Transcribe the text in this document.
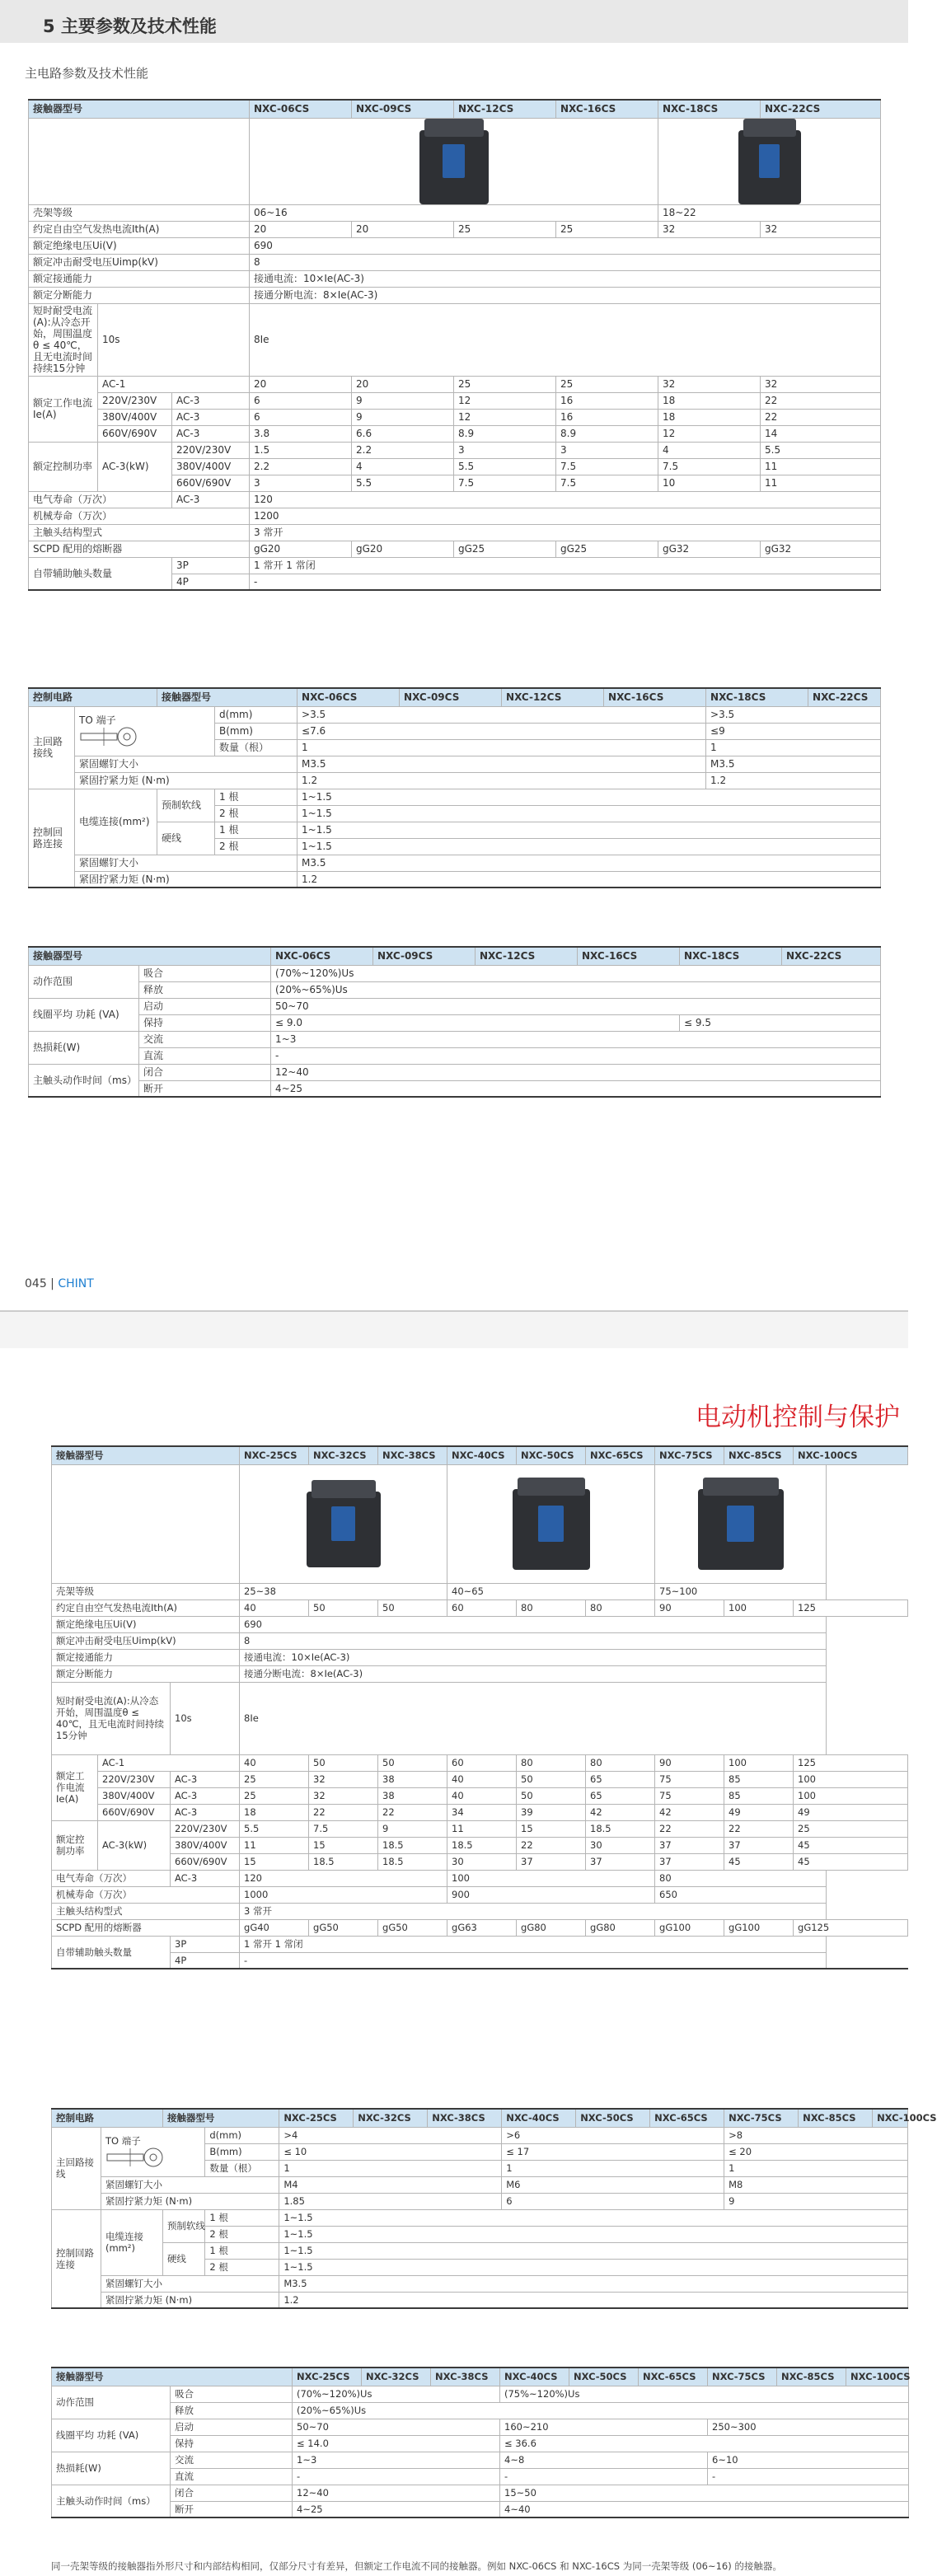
5 主要参数及技术性能
主电路参数及技术性能
接触器型号			NXC-06CS	NXC-09CS	NXC-12CS	NXC-16CS	NXC-18CS	NXC-22CS

壳架等级			06~16				18~22	
约定自由空气发热电流Ith(A)			20	20	25	25	32	32
额定绝缘电压Ui(V)			690					
额定冲击耐受电压Uimp(kV)			8					
额定接通能力			接通电流：10×Ie(AC-3)					
额定分断能力			接通分断电流：8×Ie(AC-3)					
短时耐受电流(A):从冷态开始，周围温度θ ≤ 40℃，且无电流时间持续15分钟	10s		8Ie					
额定工作电流Ie(A)	AC-1		20	20	25	25	32	32
	220V/230V	AC-3	6	9	12	16	18	22
	380V/400V	AC-3	6	9	12	16	18	22
	660V/690V	AC-3	3.8	6.6	8.9	8.9	12	14
额定控制功率	AC-3(kW)	220V/230V	1.5	2.2	3	3	4	5.5
		380V/400V	2.2	4	5.5	7.5	7.5	11
		660V/690V	3	5.5	7.5	7.5	10	11
电气寿命（万次）		AC-3	120					
机械寿命（万次）			1200					
主触头结构型式			3 常开					
SCPD 配用的熔断器			gG20	gG20	gG25	gG25	gG32	gG32
自带辅助触头数量		3P	1 常开 1 常闭					
		4P	-					
控制电路		接触器型号		NXC-06CS	NXC-09CS	NXC-12CS	NXC-16CS	NXC-18CS	NXC-22CS
主回路接线	TO 端子		d(mm)	>3.5				>3.5	
			B(mm)	≤7.6				≤9	
			数量（根）	1				1	
	紧固螺钉大小			M3.5				M3.5	
	紧固拧紧力矩 (N·m)			1.2				1.2	
控制回路连接	电缆连接(mm²)	预制软线	1 根	1~1.5					
			2 根	1~1.5					
		硬线	1 根	1~1.5					
			2 根	1~1.5					
	紧固螺钉大小			M3.5					
	紧固拧紧力矩 (N·m)			1.2					
接触器型号		NXC-06CS	NXC-09CS	NXC-12CS	NXC-16CS	NXC-18CS	NXC-22CS
动作范围	吸合	(70%~120%)Us					
	释放	(20%~65%)Us					
线圈平均 功耗 (VA)	启动	50~70					
	保持	≤ 9.0				≤ 9.5	
热损耗(W)	交流	1~3					
	直流	-					
主触头动作时间（ms）	闭合	12~40					
	断开	4~25					
045 | CHINT
电动机控制与保护
接触器型号			NXC-25CS	NXC-32CS	NXC-38CS	NXC-40CS	NXC-50CS	NXC-65CS	NXC-75CS	NXC-85CS	NXC-100CS

壳架等级			25~38			40~65			75~100		
约定自由空气发热电流Ith(A)			40	50	50	60	80	80	90	100	125
额定绝缘电压Ui(V)			690								
额定冲击耐受电压Uimp(kV)			8								
额定接通能力			接通电流：10×Ie(AC-3)								
额定分断能力			接通分断电流：8×Ie(AC-3)								
短时耐受电流(A):从冷态开始，周围温度θ ≤ 40℃，且无电流时间持续15分钟		10s	8Ie								
额定工作电流Ie(A)	AC-1		40	50	50	60	80	80	90	100	125
	220V/230V	AC-3	25	32	38	40	50	65	75	85	100
	380V/400V	AC-3	25	32	38	40	50	65	75	85	100
	660V/690V	AC-3	18	22	22	34	39	42	42	49	49
额定控制功率	AC-3(kW)	220V/230V	5.5	7.5	9	11	15	18.5	22	22	25
		380V/400V	11	15	18.5	18.5	22	30	37	37	45
		660V/690V	15	18.5	18.5	30	37	37	37	45	45
电气寿命（万次）		AC-3	120			100			80		
机械寿命（万次）			1000			900			650		
主触头结构型式			3 常开								
SCPD 配用的熔断器			gG40	gG50	gG50	gG63	gG80	gG80	gG100	gG100	gG125
自带辅助触头数量		3P	1 常开 1 常闭								
		4P	-								
控制电路		接触器型号		NXC-25CS	NXC-32CS	NXC-38CS	NXC-40CS	NXC-50CS	NXC-65CS	NXC-75CS	NXC-85CS	NXC-100CS
主回路接线	TO 端子		d(mm)	>4			>6			>8		
			B(mm)	≤ 10			≤ 17			≤ 20		
			数量（根）	1			1			1		
	紧固螺钉大小			M4			M6			M8		
	紧固拧紧力矩 (N·m)			1.85			6			9		
控制回路连接	电缆连接(mm²)	预制软线	1 根	1~1.5								
			2 根	1~1.5								
		硬线	1 根	1~1.5								
			2 根	1~1.5								
	紧固螺钉大小			M3.5								
	紧固拧紧力矩 (N·m)			1.2								
接触器型号		NXC-25CS	NXC-32CS	NXC-38CS	NXC-40CS	NXC-50CS	NXC-65CS	NXC-75CS	NXC-85CS	NXC-100CS
动作范围	吸合	(70%~120%)Us			(75%~120%)Us					
	释放	(20%~65%)Us								
线圈平均 功耗 (VA)	启动	50~70			160~210			250~300		
	保持	≤ 14.0			≤ 36.6					
热损耗(W)	交流	1~3			4~8			6~10		
	直流	-			-			-		
主触头动作时间（ms）	闭合	12~40			15~50					
	断开	4~25			4~40					
同一壳架等级的接触器指外形尺寸和内部结构相同，仅部分尺寸有差异，但额定工作电流不同的接触器。例如 NXC-06CS 和 NXC-16CS 为同一壳架等级 (06~16) 的接触器。
